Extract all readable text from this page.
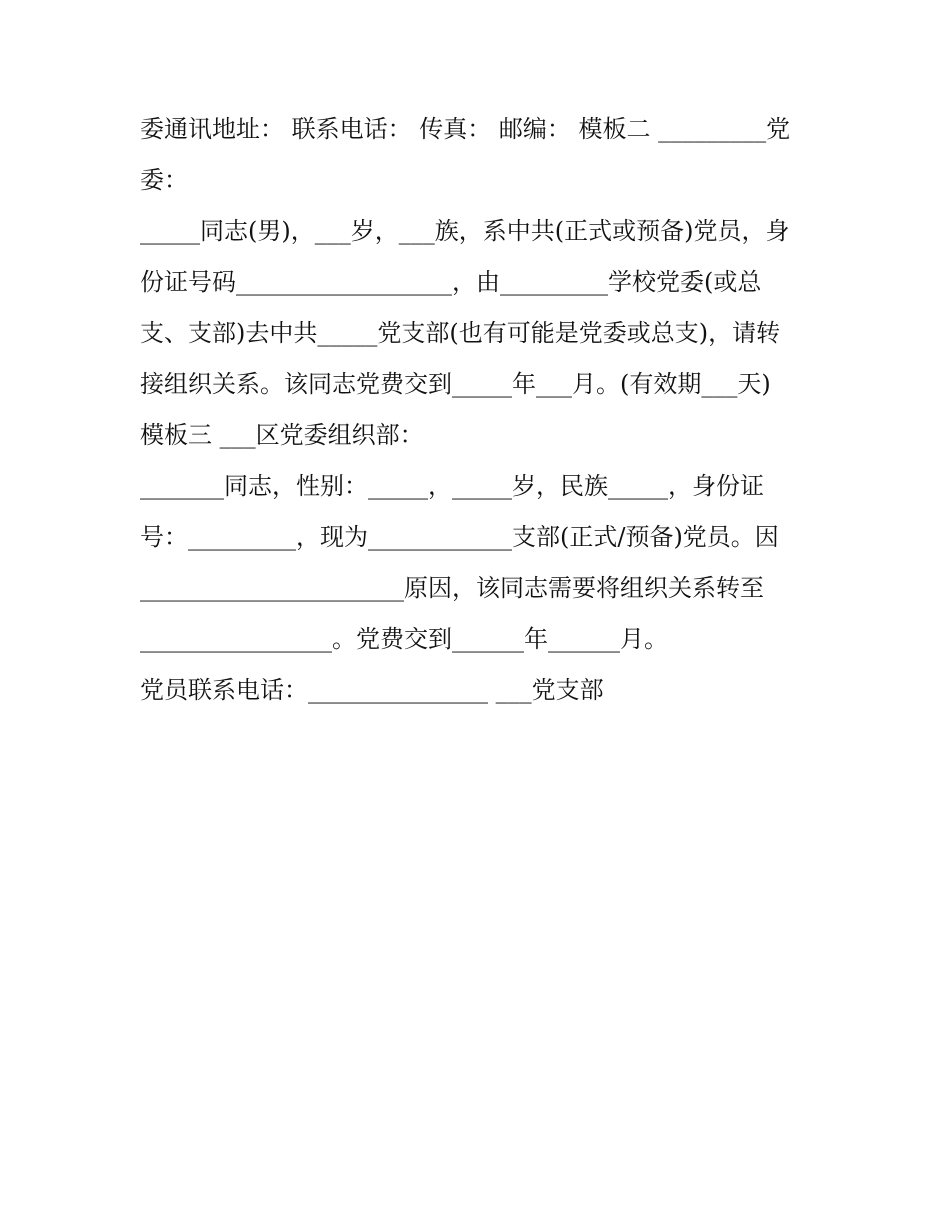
委通讯地址： 联系电话： 传真： 邮编： 模板二 _________党
委：
_____同志(男)，___岁，___族，系中共(正式或预备)党员，身
份证号码__________________，由_________学校党委(或总
支、支部)去中共_____党支部(也有可能是党委或总支)，请转
接组织关系。该同志党费交到_____年___月。(有效期___天)
模板三 ___区党委组织部：
_______同志，性别：_____，_____岁，民族_____，身份证
号：_________，现为____________支部(正式/预备)党员。因
______________________原因，该同志需要将组织关系转至
________________。党费交到______年______月。
党员联系电话：_______________ ___党支部
